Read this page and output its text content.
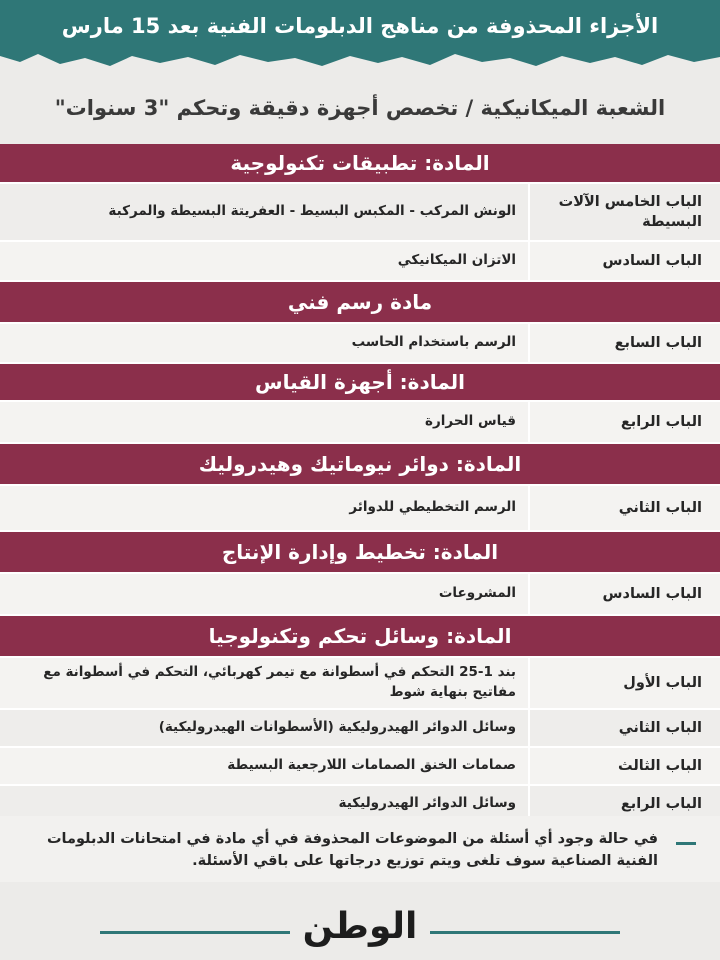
الأجزاء المحذوفة من مناهج الدبلومات الفنية بعد 15 مارس
الشعبة الميكانيكية / تخصص أجهزة دقيقة وتحكم "3 سنوات"
المادة: تطبيقات تكنولوجية
الباب الخامس الآلات البسيطة
الونش المركب - المكبس البسيط - العفريتة البسيطة والمركبة
الباب السادس
الاتزان الميكانيكي
مادة رسم فني
الباب السابع
الرسم باستخدام الحاسب
المادة: أجهزة القياس
الباب الرابع
قياس الحرارة
المادة: دوائر نيوماتيك وهيدروليك
الباب الثاني
الرسم التخطيطي للدوائر
المادة: تخطيط وإدارة الإنتاج
الباب السادس
المشروعات
المادة: وسائل تحكم وتكنولوجيا
الباب الأول
بند 1-25 التحكم في أسطوانة مع تيمر كهربائي، التحكم في أسطوانة مع مفاتيح بنهاية شوط
الباب الثاني
وسائل الدوائر الهيدروليكية (الأسطوانات الهيدروليكية)
الباب الثالث
صمامات الخنق الصمامات اللارجعية البسيطة
الباب الرابع
وسائل الدوائر الهيدروليكية
في حالة وجود أي أسئلة من الموضوعات المحذوفة في أي مادة في امتحانات الدبلومات الفنية الصناعية سوف تلغى ويتم توزيع درجاتها على باقي الأسئلة.
الوطن
